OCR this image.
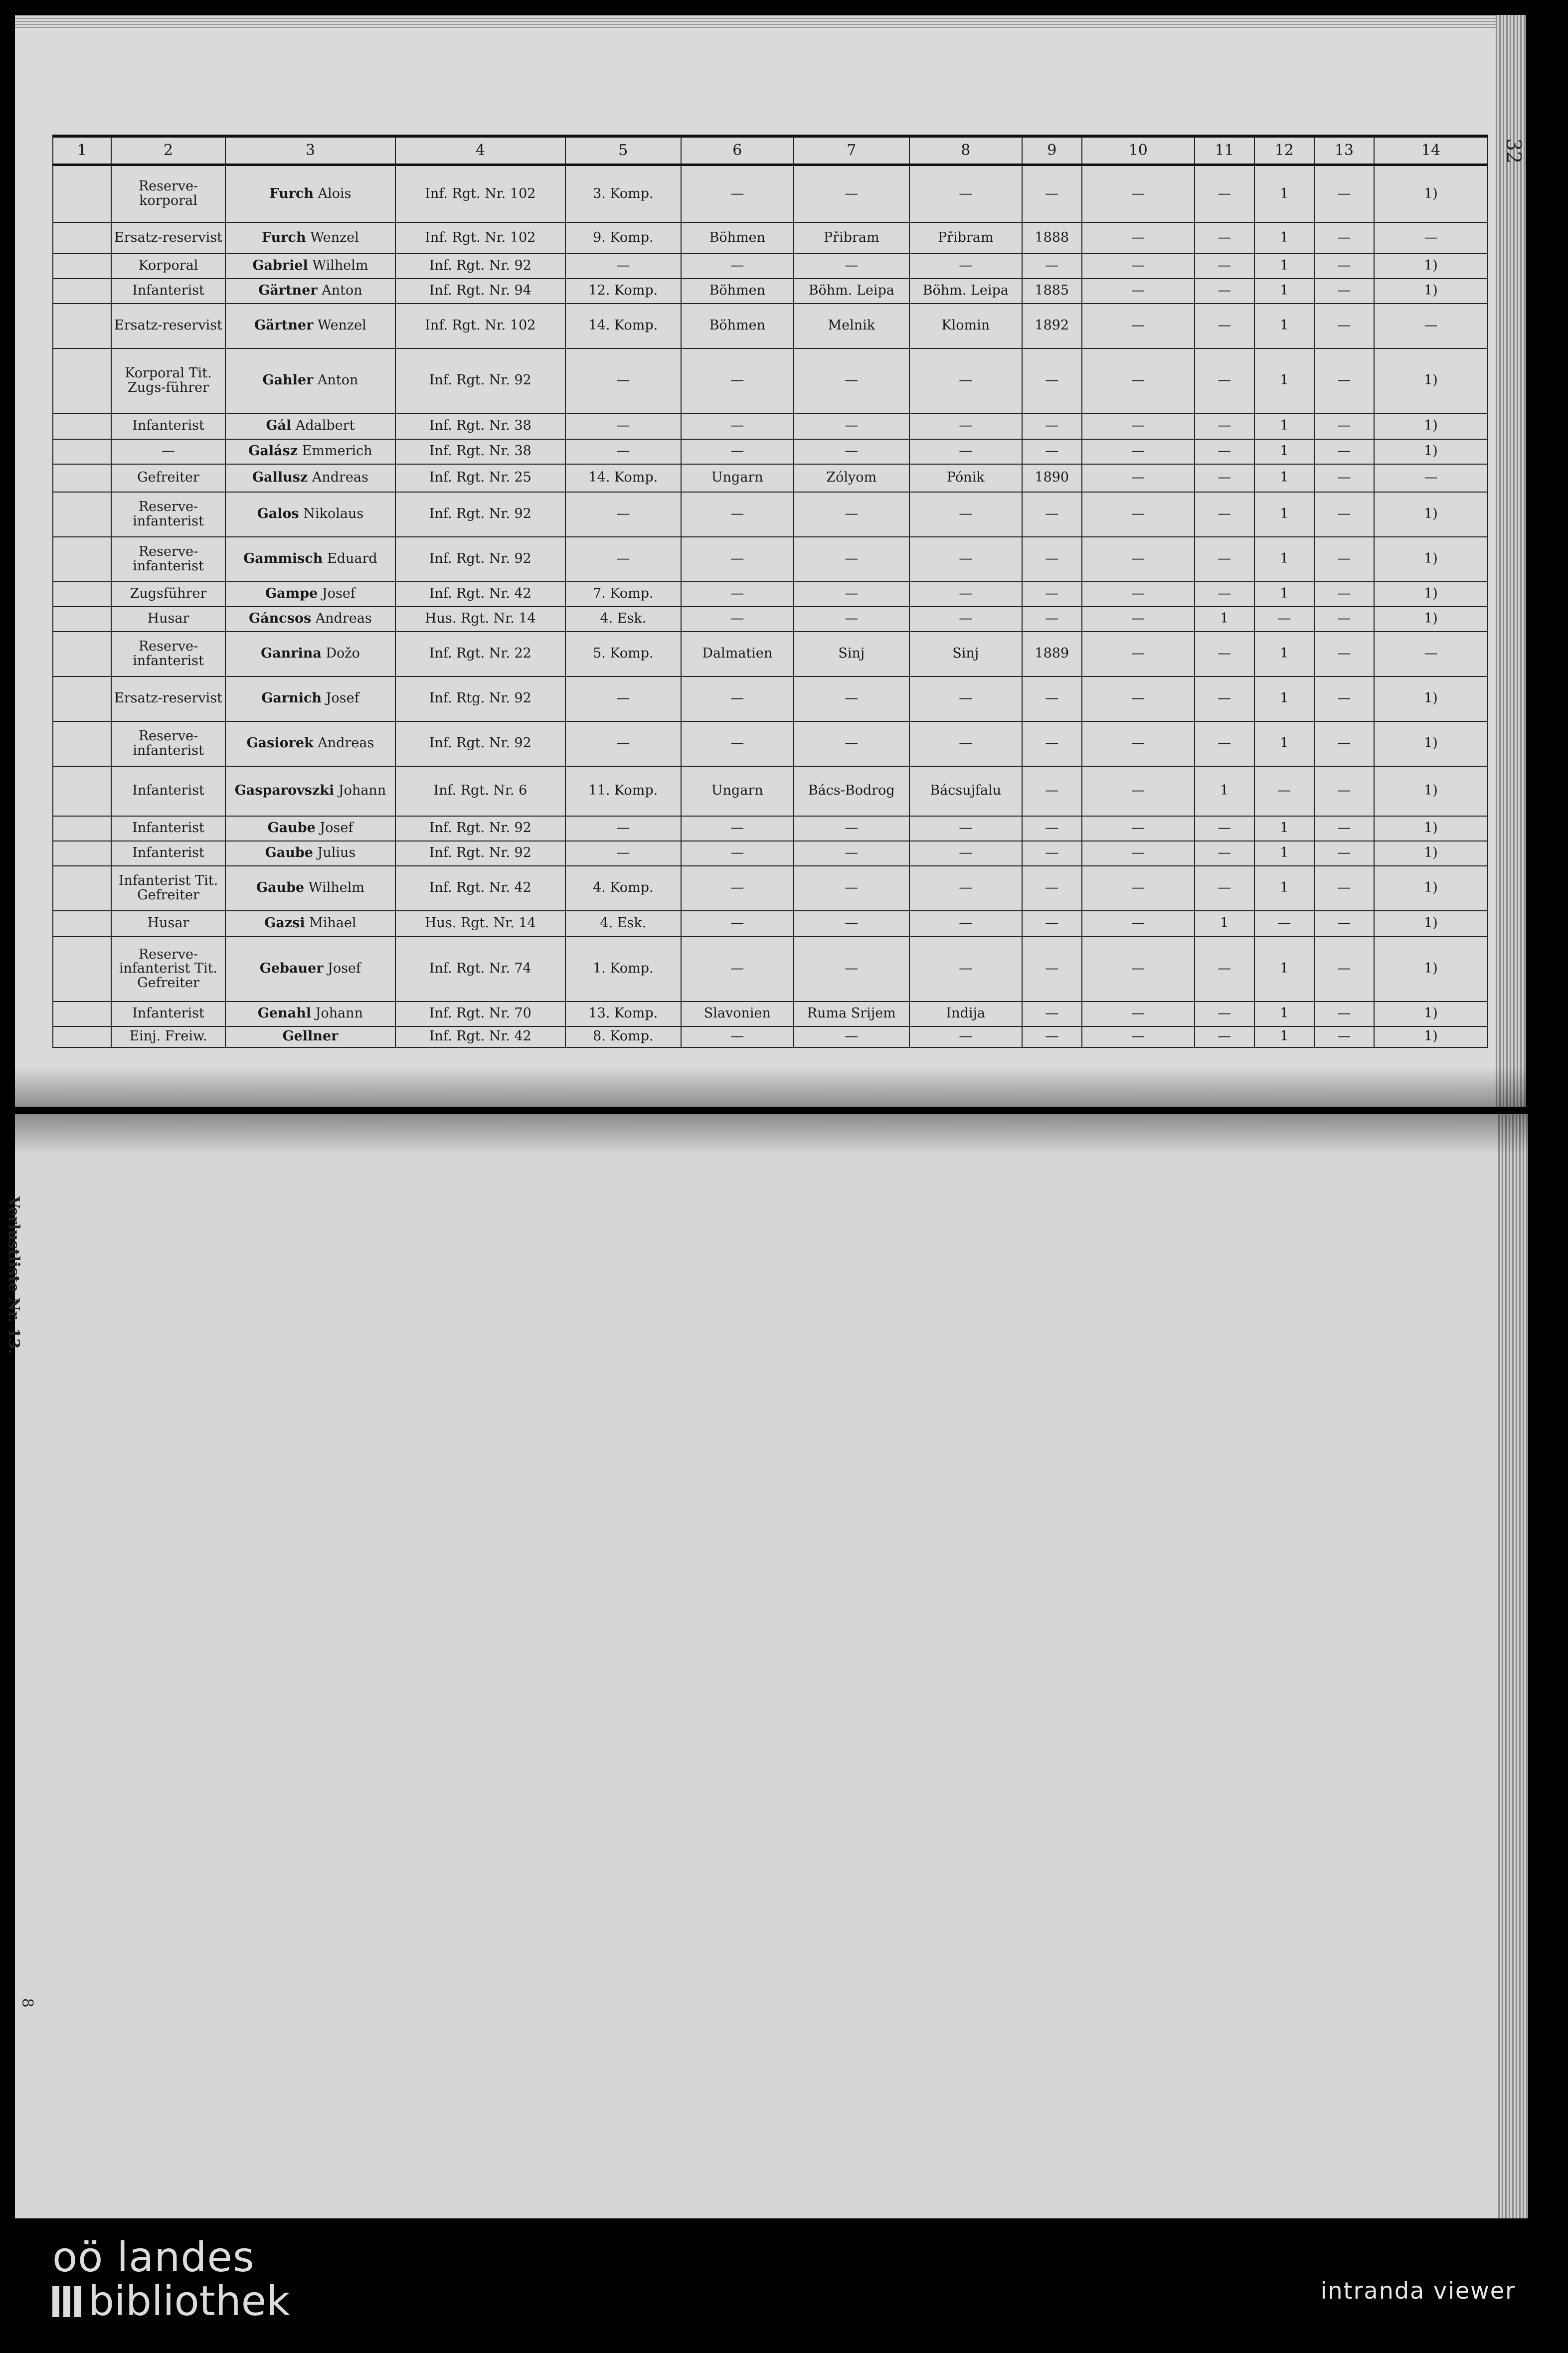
32
1	2	3	4	5	6	7	8	9	10	11	12	13	14
	Reserve-korporal	Furch Alois	Inf. Rgt. Nr. 102	3. Komp.	—	—	—	—	—	—	1	—	1)
	Ersatz-reservist	Furch Wenzel	Inf. Rgt. Nr. 102	9. Komp.	Böhmen	Přibram	Přibram	1888	—	—	1	—	—
	Korporal	Gabriel Wilhelm	Inf. Rgt. Nr. 92	—	—	—	—	—	—	—	1	—	1)
	Infanterist	Gärtner Anton	Inf. Rgt. Nr. 94	12. Komp.	Böhmen	Böhm. Leipa	Böhm. Leipa	1885	—	—	1	—	1)
	Ersatz-reservist	Gärtner Wenzel	Inf. Rgt. Nr. 102	14. Komp.	Böhmen	Melnik	Klomin	1892	—	—	1	—	—
	Korporal Tit. Zugs-führer	Gahler Anton	Inf. Rgt. Nr. 92	—	—	—	—	—	—	—	1	—	1)
	Infanterist	Gál Adalbert	Inf. Rgt. Nr. 38	—	—	—	—	—	—	—	1	—	1)
	—	Galász Emmerich	Inf. Rgt. Nr. 38	—	—	—	—	—	—	—	1	—	1)
	Gefreiter	Gallusz Andreas	Inf. Rgt. Nr. 25	14. Komp.	Ungarn	Zólyom	Pónik	1890	—	—	1	—	—
	Reserve-infanterist	Galos Nikolaus	Inf. Rgt. Nr. 92	—	—	—	—	—	—	—	1	—	1)
	Reserve-infanterist	Gammisch Eduard	Inf. Rgt. Nr. 92	—	—	—	—	—	—	—	1	—	1)
	Zugsführer	Gampe Josef	Inf. Rgt. Nr. 42	7. Komp.	—	—	—	—	—	—	1	—	1)
	Husar	Gáncsos Andreas	Hus. Rgt. Nr. 14	4. Esk.	—	—	—	—	—	1	—	—	1)
	Reserve-infanterist	Ganrina Dožo	Inf. Rgt. Nr. 22	5. Komp.	Dalmatien	Sinj	Sinj	1889	—	—	1	—	—
	Ersatz-reservist	Garnich Josef	Inf. Rtg. Nr. 92	—	—	—	—	—	—	—	1	—	1)
	Reserve-infanterist	Gasiorek Andreas	Inf. Rgt. Nr. 92	—	—	—	—	—	—	—	1	—	1)
	Infanterist	Gasparovszki Johann	Inf. Rgt. Nr. 6	11. Komp.	Ungarn	Bács-Bodrog	Bácsujfalu	—	—	1	—	—	1)
	Infanterist	Gaube Josef	Inf. Rgt. Nr. 92	—	—	—	—	—	—	—	1	—	1)
	Infanterist	Gaube Julius	Inf. Rgt. Nr. 92	—	—	—	—	—	—	—	1	—	1)
	Infanterist Tit. Gefreiter	Gaube Wilhelm	Inf. Rgt. Nr. 42	4. Komp.	—	—	—	—	—	—	1	—	1)
	Husar	Gazsi Mihael	Hus. Rgt. Nr. 14	4. Esk.	—	—	—	—	—	1	—	—	1)
	Reserve-infanterist Tit. Gefreiter	Gebauer Josef	Inf. Rgt. Nr. 74	1. Komp.	—	—	—	—	—	—	1	—	1)
	Infanterist	Genahl Johann	Inf. Rgt. Nr. 70	13. Komp.	Slavonien	Ruma Srijem	Indija	—	—	—	1	—	1)
	Einj. Freiw.	Gellner	Inf. Rgt. Nr. 42	8. Komp.	—	—	—	—	—	—	1	—	1)

Verlustliste Nr. 13.
8
oö landes
bibliothek	intranda viewer
